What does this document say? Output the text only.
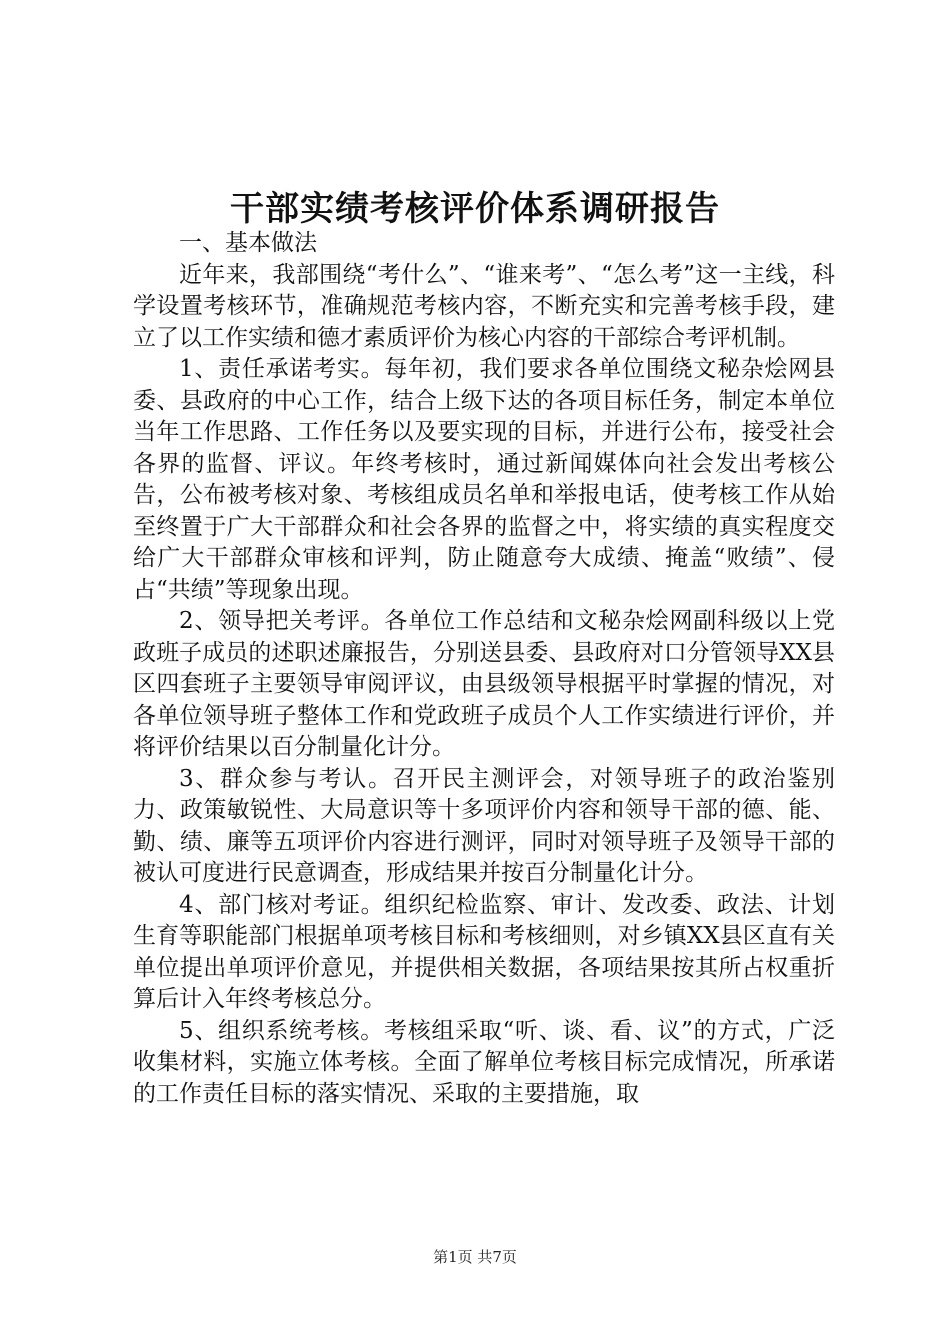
干部实绩考核评价体系调研报告

一、基本做法

近年来，我部围绕“考什么”、“谁来考”、“怎么考”这一主线，科学设置考核环节，准确规范考核内容，不断充实和完善考核手段，建立了以工作实绩和德才素质评价为核心内容的干部综合考评机制。

1、责任承诺考实。每年初，我们要求各单位围绕文秘杂烩网县委、县政府的中心工作，结合上级下达的各项目标任务，制定本单位当年工作思路、工作任务以及要实现的目标，并进行公布，接受社会各界的监督、评议。年终考核时，通过新闻媒体向社会发出考核公告，公布被考核对象、考核组成员名单和举报电话，使考核工作从始至终置于广大干部群众和社会各界的监督之中，将实绩的真实程度交给广大干部群众审核和评判，防止随意夸大成绩、掩盖“败绩”、侵占“共绩”等现象出现。

2、领导把关考评。各单位工作总结和文秘杂烩网副科级以上党政班子成员的述职述廉报告，分别送县委、县政府对口分管领导XX县区四套班子主要领导审阅评议，由县级领导根据平时掌握的情况，对各单位领导班子整体工作和党政班子成员个人工作实绩进行评价，并将评价结果以百分制量化计分。

3、群众参与考认。召开民主测评会，对领导班子的政治鉴别力、政策敏锐性、大局意识等十多项评价内容和领导干部的德、能、勤、绩、廉等五项评价内容进行测评，同时对领导班子及领导干部的被认可度进行民意调查，形成结果并按百分制量化计分。

4、部门核对考证。组织纪检监察、审计、发改委、政法、计划生育等职能部门根据单项考核目标和考核细则，对乡镇XX县区直有关单位提出单项评价意见，并提供相关数据，各项结果按其所占权重折算后计入年终考核总分。

5、组织系统考核。考核组采取“听、谈、看、议”的方式，广泛收集材料，实施立体考核。全面了解单位考核目标完成情况，所承诺的工作责任目标的落实情况、采取的主要措施，取

第1页 共7页
